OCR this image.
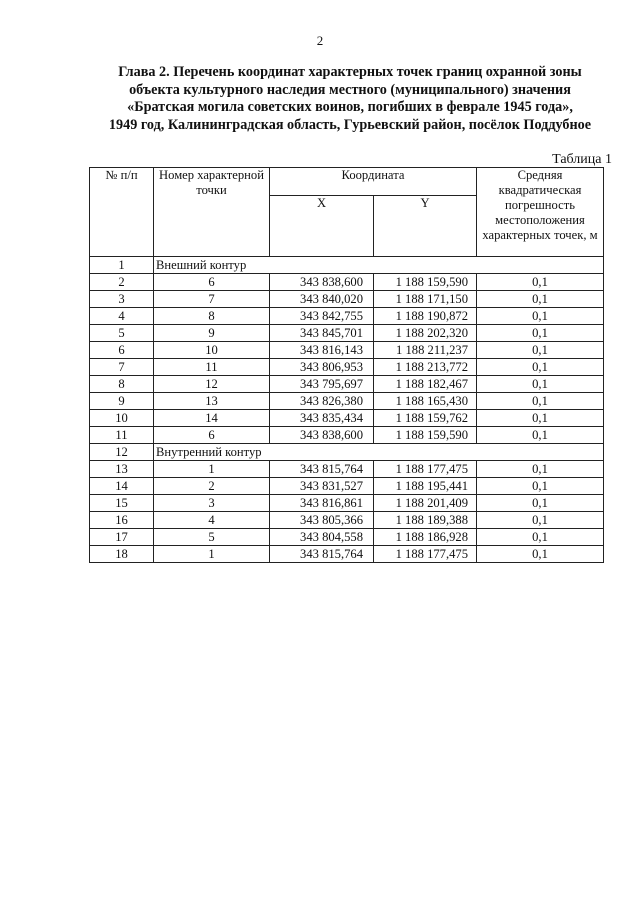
2
Глава 2. Перечень координат характерных точек границ охранной зоны
объекта культурного наследия местного (муниципального) значения
«Братская могила советских воинов, погибших в феврале 1945 года»,
1949 год, Калининградская область, Гурьевский район, посёлок Поддубное
Таблица 1
№ п/п	Номер характерной точки	Координата		Средняя квадратическая погрешность местоположения характерных точек, м
		X	Y	
1	Внешний контур			
2	6	343 838,600	1 188 159,590	0,1
3	7	343 840,020	1 188 171,150	0,1
4	8	343 842,755	1 188 190,872	0,1
5	9	343 845,701	1 188 202,320	0,1
6	10	343 816,143	1 188 211,237	0,1
7	11	343 806,953	1 188 213,772	0,1
8	12	343 795,697	1 188 182,467	0,1
9	13	343 826,380	1 188 165,430	0,1
10	14	343 835,434	1 188 159,762	0,1
11	6	343 838,600	1 188 159,590	0,1
12	Внутренний контур			
13	1	343 815,764	1 188 177,475	0,1
14	2	343 831,527	1 188 195,441	0,1
15	3	343 816,861	1 188 201,409	0,1
16	4	343 805,366	1 188 189,388	0,1
17	5	343 804,558	1 188 186,928	0,1
18	1	343 815,764	1 188 177,475	0,1
